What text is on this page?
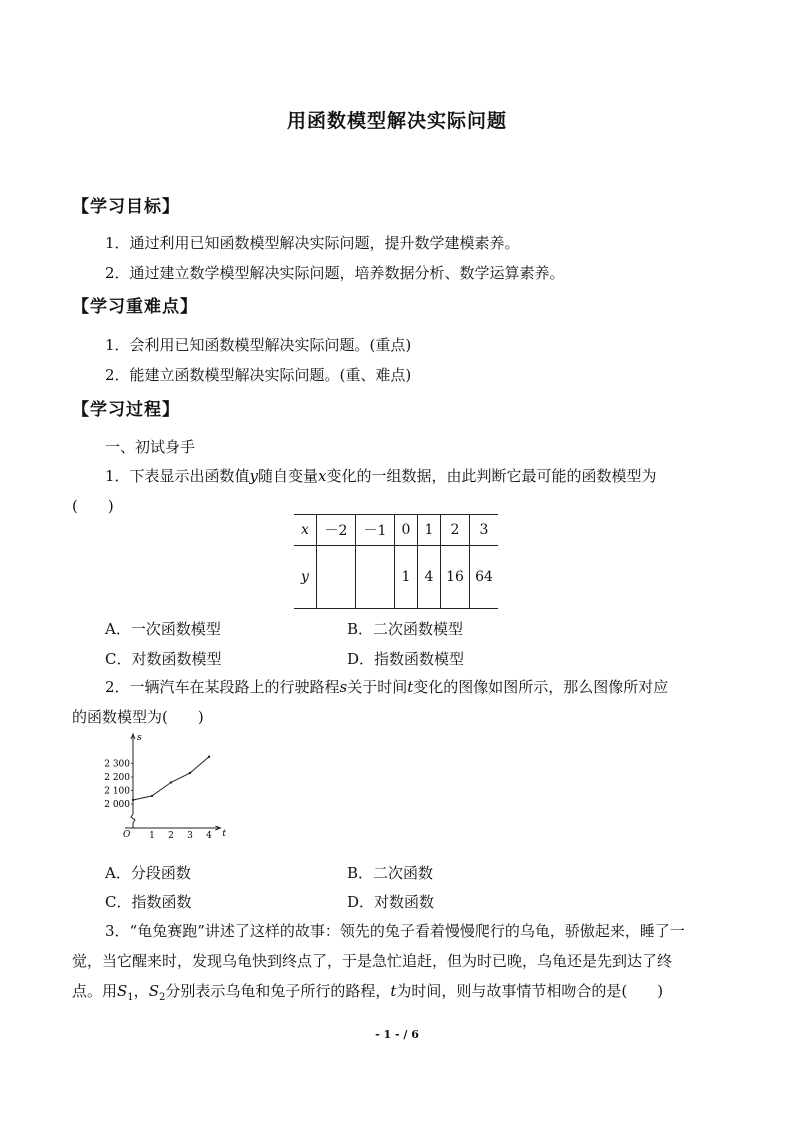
用函数模型解决实际问题
【学习目标】
1．通过利用已知函数模型解决实际问题，提升数学建模素养。
2．通过建立数学模型解决实际问题，培养数据分析、数学运算素养。
【学习重难点】
1．会利用已知函数模型解决实际问题。(重点)
2．能建立函数模型解决实际问题。(重、难点)
【学习过程】
一、初试身手
1．下表显示出函数值y随自变量x变化的一组数据，由此判断它最可能的函数模型为
(　　)
x	－2	－1	0	1	2	3
y			1	4	16	64
A．一次函数模型	B．二次函数模型
C．对数函数模型	D．指数函数模型
2．一辆汽车在某段路上的行驶路程s关于时间t变化的图像如图所示，那么图像所对应
的函数模型为(　　)
s
t
O
2 300
2 200
2 100
2 000
1 2 3 4
A．分段函数	B．二次函数
C．指数函数	D．对数函数
3．“龟兔赛跑”讲述了这样的故事：领先的兔子看着慢慢爬行的乌龟，骄傲起来，睡了一
觉，当它醒来时，发现乌龟快到终点了，于是急忙追赶，但为时已晚，乌龟还是先到达了终
点。用$S_1$，$S_2$分别表示乌龟和兔子所行的路程，t为时间，则与故事情节相吻合的是(　　)
- 1 - / 6
